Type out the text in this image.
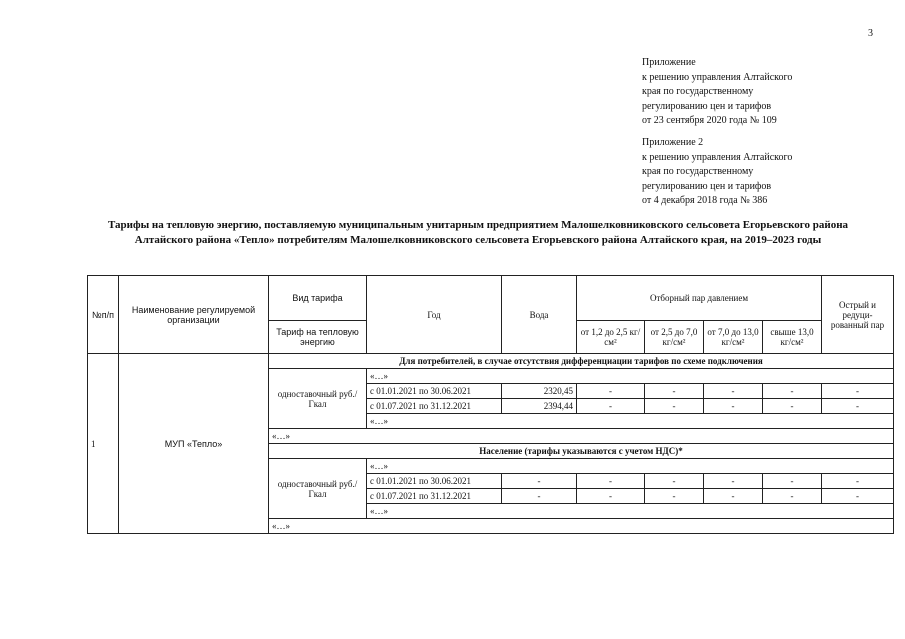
3
Приложение
к решению управления Алтайского
края по государственному
регулированию цен и тарифов
от 23 сентября 2020 года № 109
Приложение 2
к решению управления Алтайского
края по государственному
регулированию цен и тарифов
от 4 декабря 2018 года № 386
Тарифы на тепловую энергию, поставляемую муниципальным унитарным предприятием Малошелковниковского сельсовета Егорьевского района Алтайского района «Тепло» потребителям Малошелковниковского сельсовета Егорьевского района Алтайского края, на 2019–2023 годы
№п/п	Наименование регулируемой организации	Вид тарифа	Год	Вода	Отборный пар давлением				Острый и редуци-рованный пар
		Тариф на тепловую энергию			от 1,2 до 2,5 кг/см²	от 2,5 до 7,0 кг/см²	от 7,0 до 13,0 кг/см²	свыше 13,0 кг/см²	
1	МУП «Тепло»	Для потребителей, в случае отсутствия дифференциации тарифов по схеме подключения							
		одноставочный руб./Гкал	«…»						
			с 01.01.2021 по 30.06.2021	2320,45	-	-	-	-	-
			с 01.07.2021 по 31.12.2021	2394,44	-	-	-	-	-
			«…»						
		«…»							
		Население (тарифы указываются с учетом НДС)*							
		одноставочный руб./Гкал	«…»						
			с 01.01.2021 по 30.06.2021	-	-	-	-	-	-
			с 01.07.2021 по 31.12.2021	-	-	-	-	-	-
			«…»						
		«…»							
